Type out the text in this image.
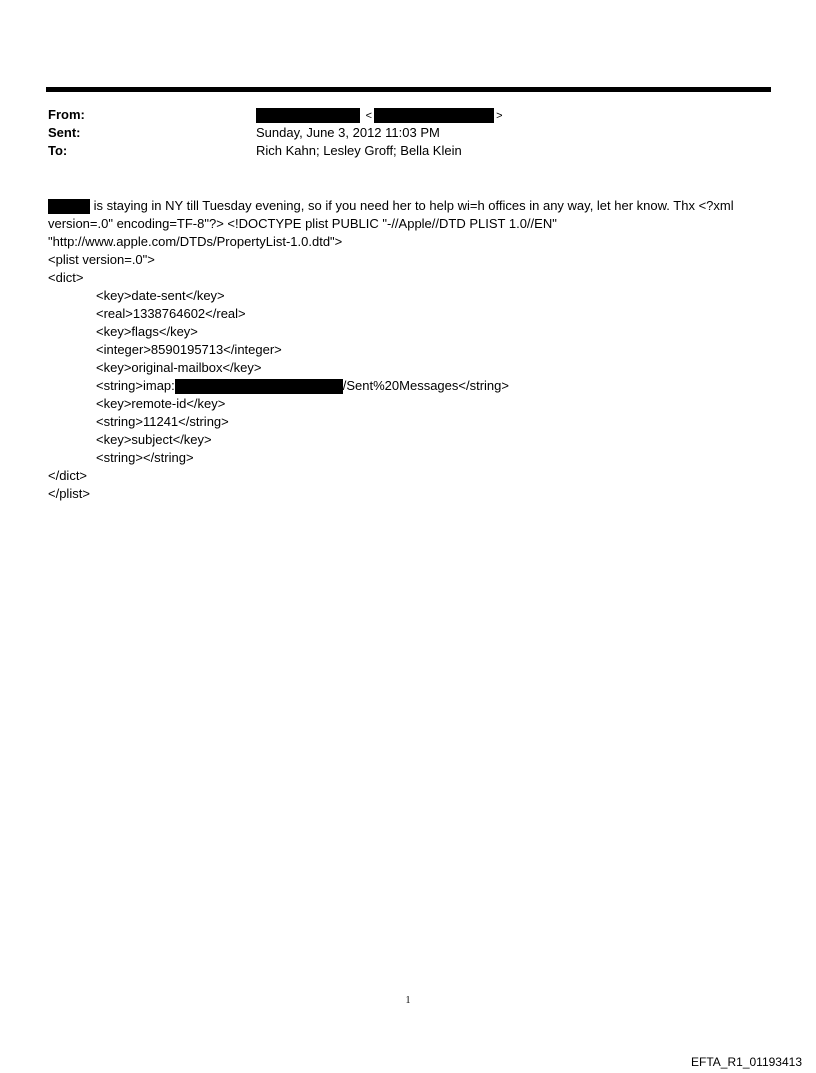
From:	<	>
Sent:	Sunday, June 3, 2012 11:03 PM
To:	Rich Kahn; Lesley Groff; Bella Klein
is staying in NY till Tuesday evening, so if you need her to help wi=h offices in any way, let her know. Thx <?xml
version=.0" encoding=TF-8"?> <!DOCTYPE plist PUBLIC "-//Apple//DTD PLIST 1.0//EN"
"http://www.apple.com/DTDs/PropertyList-1.0.dtd">
<plist version=.0">
<dict>
<key>date-sent</key>
<real>1338764602</real>
<key>flags</key>
<integer>8590195713</integer>
<key>original-mailbox</key>
<string>imap:	/Sent%20Messages</string>
<key>remote-id</key>
<string>11241</string>
<key>subject</key>
<string></string>
</dict>
</plist>
1
EFTA_R1_01193413
